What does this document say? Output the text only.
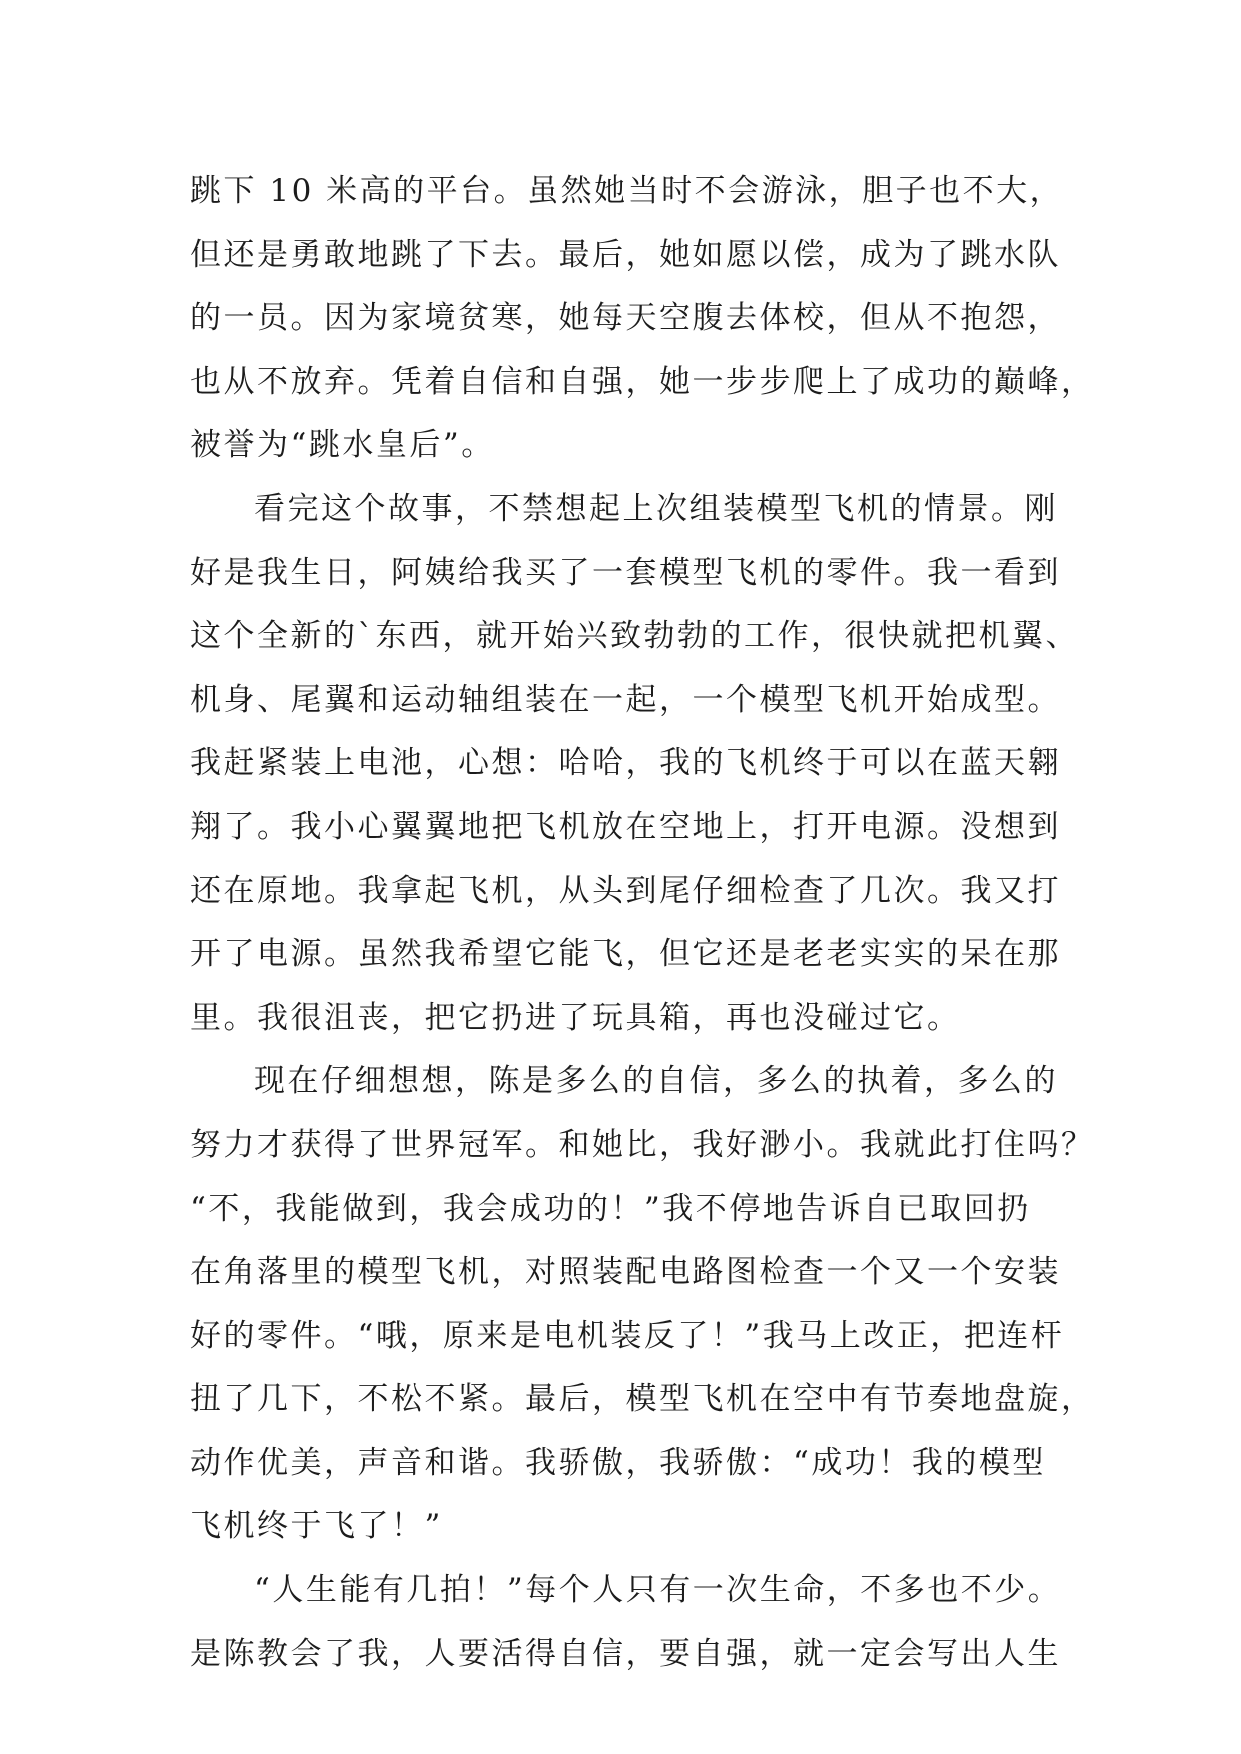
跳下 10 米高的平台。虽然她当时不会游泳，胆子也不大，
但还是勇敢地跳了下去。最后，她如愿以偿，成为了跳水队
的一员。因为家境贫寒，她每天空腹去体校，但从不抱怨，
也从不放弃。凭着自信和自强，她一步步爬上了成功的巅峰，
被誉为“跳水皇后”。
看完这个故事，不禁想起上次组装模型飞机的情景。刚
好是我生日，阿姨给我买了一套模型飞机的零件。我一看到
这个全新的`东西，就开始兴致勃勃的工作，很快就把机翼、
机身、尾翼和运动轴组装在一起，一个模型飞机开始成型。
我赶紧装上电池，心想：哈哈，我的飞机终于可以在蓝天翱
翔了。我小心翼翼地把飞机放在空地上，打开电源。没想到
还在原地。我拿起飞机，从头到尾仔细检查了几次。我又打
开了电源。虽然我希望它能飞，但它还是老老实实的呆在那
里。我很沮丧，把它扔进了玩具箱，再也没碰过它。
现在仔细想想，陈是多么的自信，多么的执着，多么的
努力才获得了世界冠军。和她比，我好渺小。我就此打住吗？
“不，我能做到，我会成功的！”我不停地告诉自已取回扔
在角落里的模型飞机，对照装配电路图检查一个又一个安装
好的零件。“哦，原来是电机装反了！”我马上改正，把连杆
扭了几下，不松不紧。最后，模型飞机在空中有节奏地盘旋，
动作优美，声音和谐。我骄傲，我骄傲：“成功！我的模型
飞机终于飞了！”
“人生能有几拍！”每个人只有一次生命，不多也不少。
是陈教会了我，人要活得自信，要自强，就一定会写出人生
